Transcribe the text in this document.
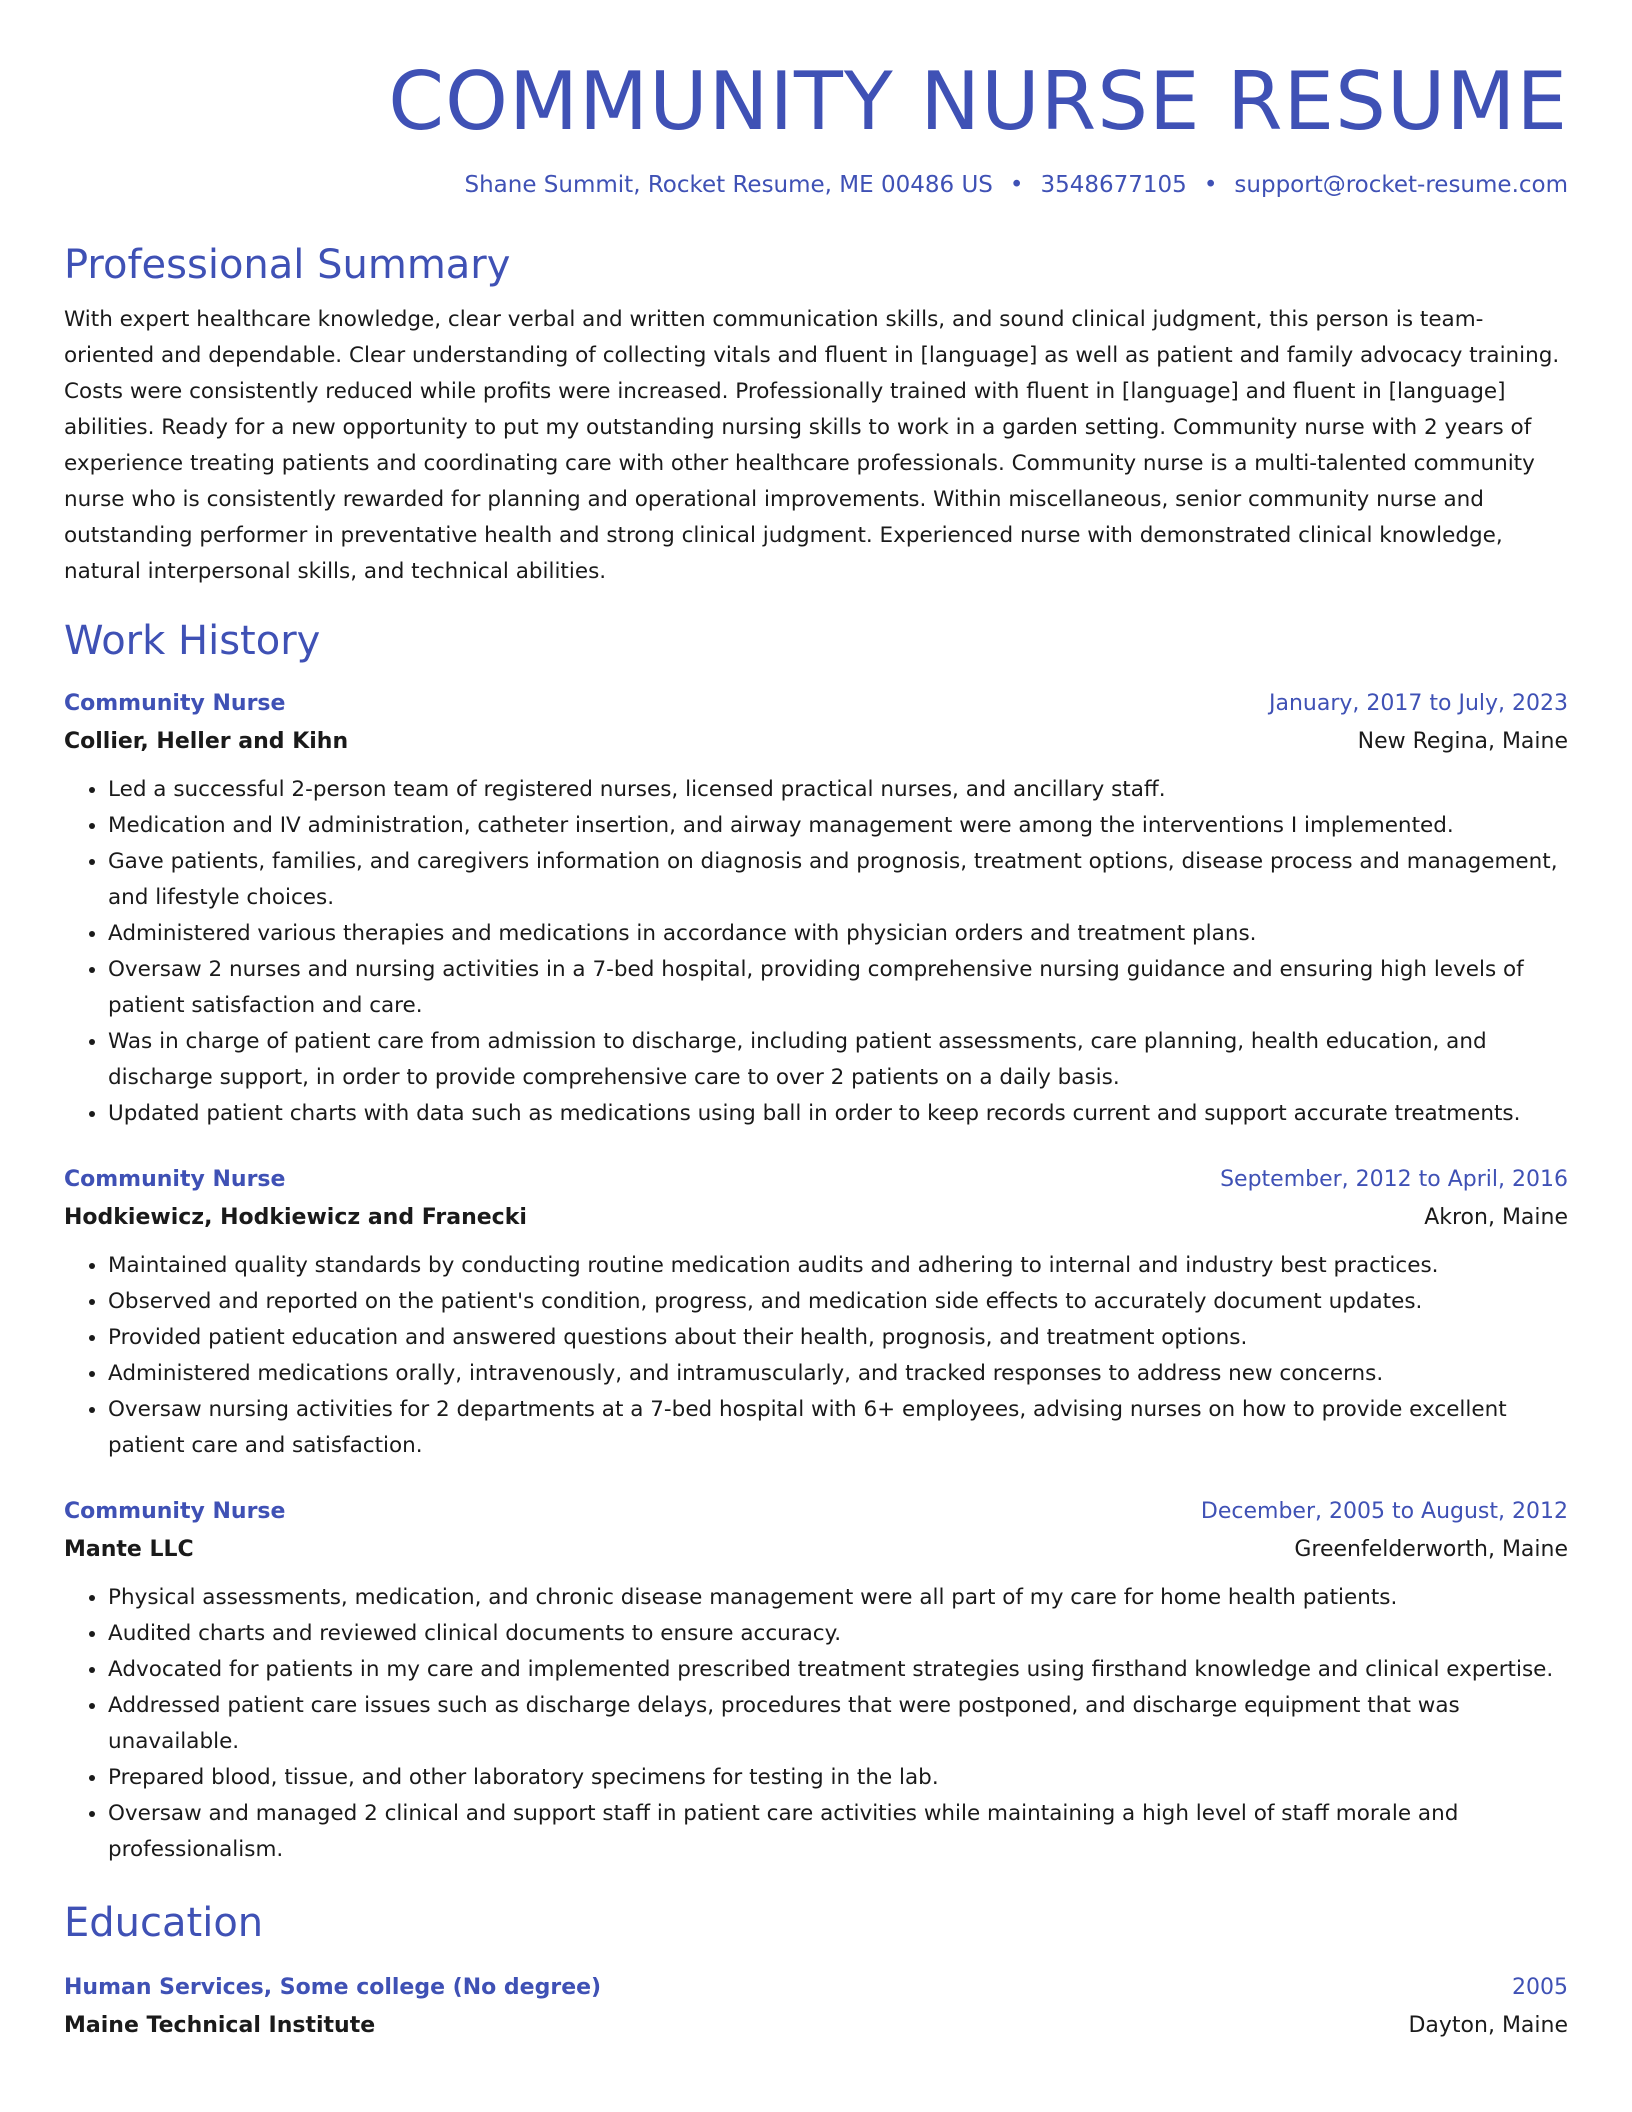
COMMUNITY NURSE RESUME
Shane Summit, Rocket Resume, ME 00486 US • 3548677105 • support@rocket-resume.com
Professional Summary

With expert healthcare knowledge, clear verbal and written communication skills, and sound clinical judgment, this person is team-oriented and dependable. Clear understanding of collecting vitals and fluent in [language] as well as patient and family advocacy training. Costs were consistently reduced while profits were increased. Professionally trained with fluent in [language] and fluent in [language] abilities. Ready for a new opportunity to put my outstanding nursing skills to work in a garden setting. Community nurse with 2 years of experience treating patients and coordinating care with other healthcare professionals. Community nurse is a multi-talented community nurse who is consistently rewarded for planning and operational improvements. Within miscellaneous, senior community nurse and outstanding performer in preventative health and strong clinical judgment. Experienced nurse with demonstrated clinical knowledge, natural interpersonal skills, and technical abilities.

Work History
Community Nurse	January, 2017 to July, 2023
Collier, Heller and Kihn	New Regina, Maine
• Led a successful 2-person team of registered nurses, licensed practical nurses, and ancillary staff.
• Medication and IV administration, catheter insertion, and airway management were among the interventions I implemented.
• Gave patients, families, and caregivers information on diagnosis and prognosis, treatment options, disease process and management, and lifestyle choices.
• Administered various therapies and medications in accordance with physician orders and treatment plans.
• Oversaw 2 nurses and nursing activities in a 7-bed hospital, providing comprehensive nursing guidance and ensuring high levels of patient satisfaction and care.
• Was in charge of patient care from admission to discharge, including patient assessments, care planning, health education, and discharge support, in order to provide comprehensive care to over 2 patients on a daily basis.
• Updated patient charts with data such as medications using ball in order to keep records current and support accurate treatments.
Community Nurse	September, 2012 to April, 2016
Hodkiewicz, Hodkiewicz and Franecki	Akron, Maine
• Maintained quality standards by conducting routine medication audits and adhering to internal and industry best practices.
• Observed and reported on the patient's condition, progress, and medication side effects to accurately document updates.
• Provided patient education and answered questions about their health, prognosis, and treatment options.
• Administered medications orally, intravenously, and intramuscularly, and tracked responses to address new concerns.
• Oversaw nursing activities for 2 departments at a 7-bed hospital with 6+ employees, advising nurses on how to provide excellent patient care and satisfaction.
Community Nurse	December, 2005 to August, 2012
Mante LLC	Greenfelderworth, Maine
• Physical assessments, medication, and chronic disease management were all part of my care for home health patients.
• Audited charts and reviewed clinical documents to ensure accuracy.
• Advocated for patients in my care and implemented prescribed treatment strategies using firsthand knowledge and clinical expertise.
• Addressed patient care issues such as discharge delays, procedures that were postponed, and discharge equipment that was unavailable.
• Prepared blood, tissue, and other laboratory specimens for testing in the lab.
• Oversaw and managed 2 clinical and support staff in patient care activities while maintaining a high level of staff morale and professionalism.
Education
Human Services, Some college (No degree)	2005
Maine Technical Institute	Dayton, Maine
